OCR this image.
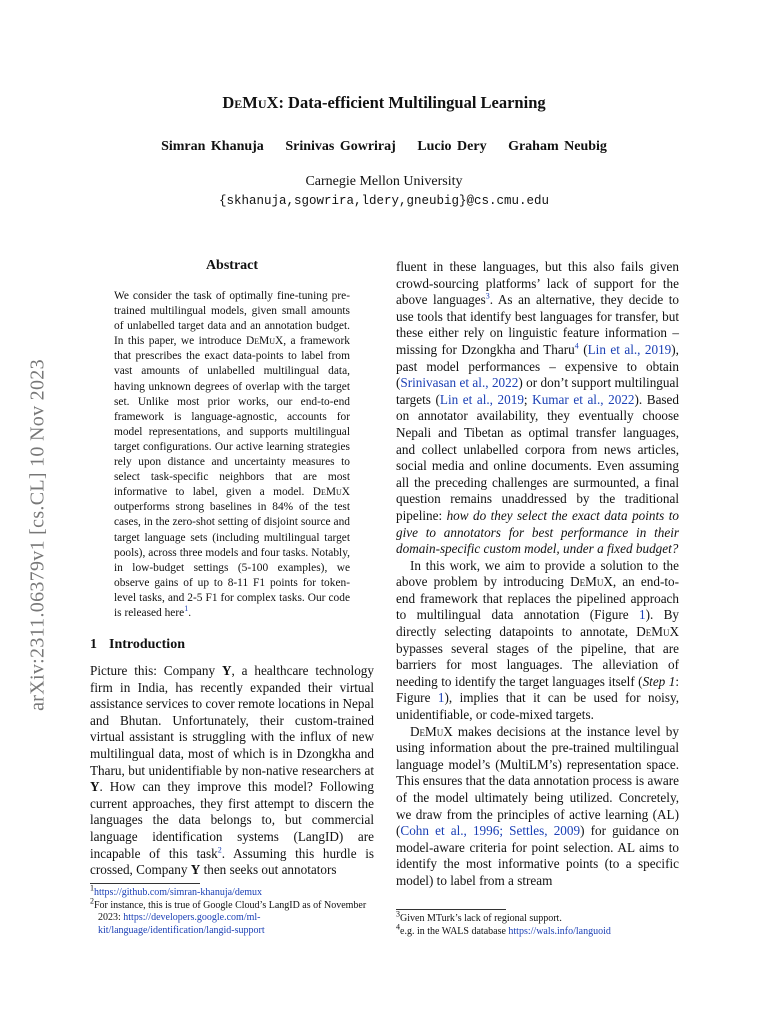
arXiv:2311.06379v1 [cs.CL] 10 Nov 2023
DeMuX: Data-efficient Multilingual Learning
Simran Khanuja Srinivas Gowriraj Lucio Dery Graham Neubig
Carnegie Mellon University
{skhanuja,sgowrira,ldery,gneubig}@cs.cmu.edu
Abstract
We consider the task of optimally fine-tuning pre-trained multilingual models, given small amounts of unlabelled target data and an annotation budget. In this paper, we introduce DeMuX, a framework that prescribes the exact data-points to label from vast amounts of unlabelled multilingual data, having unknown degrees of overlap with the target set. Unlike most prior works, our end-to-end framework is language-agnostic, accounts for model representations, and supports multilingual target configurations. Our active learning strategies rely upon distance and uncertainty measures to select task-specific neighbors that are most informative to label, given a model. DeMuX outperforms strong baselines in 84% of the test cases, in the zero-shot setting of disjoint source and target language sets (including multilingual target pools), across three models and four tasks. Notably, in low-budget settings (5-100 examples), we observe gains of up to 8-11 F1 points for token-level tasks, and 2-5 F1 for complex tasks. Our code is released here$^1$.
1 Introduction

Picture this: Company Y, a healthcare technology firm in India, has recently expanded their virtual assistance services to cover remote locations in Nepal and Bhutan. Unfortunately, their custom-trained virtual assistant is struggling with the influx of new multilingual data, most of which is in Dzongkha and Tharu, but unidentifiable by non-native researchers at Y. How can they improve this model? Following current approaches, they first attempt to discern the languages the data belongs to, but commercial language identification systems (LangID) are incapable of this task$^2$. Assuming this hurdle is crossed, Company Y then seeks out annotators

fluent in these languages, but this also fails given crowd-sourcing platforms’ lack of support for the above languages$^3$. As an alternative, they decide to use tools that identify best languages for transfer, but these either rely on linguistic feature information – missing for Dzongkha and Tharu$^4$ (Lin et al., 2019), past model performances – expensive to obtain (Srinivasan et al., 2022) or don’t support multilingual targets (Lin et al., 2019; Kumar et al., 2022). Based on annotator availability, they eventually choose Nepali and Tibetan as optimal transfer languages, and collect unlabelled corpora from news articles, social media and online documents. Even assuming all the preceding challenges are surmounted, a final question remains unaddressed by the traditional pipeline: how do they select the exact data points to give to annotators for best performance in their domain-specific custom model, under a fixed budget?

In this work, we aim to provide a solution to the above problem by introducing DeMuX, an end-to-end framework that replaces the pipelined approach to multilingual data annotation (Figure 1). By directly selecting datapoints to annotate, DeMuX bypasses several stages of the pipeline, that are barriers for most languages. The alleviation of needing to identify the target languages itself (Step 1: Figure 1), implies that it can be used for noisy, unidentifiable, or code-mixed targets.

DeMuX makes decisions at the instance level by using information about the pre-trained multilingual language model’s (MultiLM’s) representation space. This ensures that the data annotation process is aware of the model ultimately being utilized. Concretely, we draw from the principles of active learning (AL) (Cohn et al., 1996; Settles, 2009) for guidance on model-aware criteria for point selection. AL aims to identify the most informative points (to a specific model) to label from a stream

$^1$https://github.com/simran-khanuja/demux
$^2$For instance, this is true of Google Cloud’s LangID as of November 2023: https://developers.google.com/ml-kit/language/identification/langid-support
$^3$Given MTurk’s lack of regional support.
$^4$e.g. in the WALS database https://wals.info/languoid
